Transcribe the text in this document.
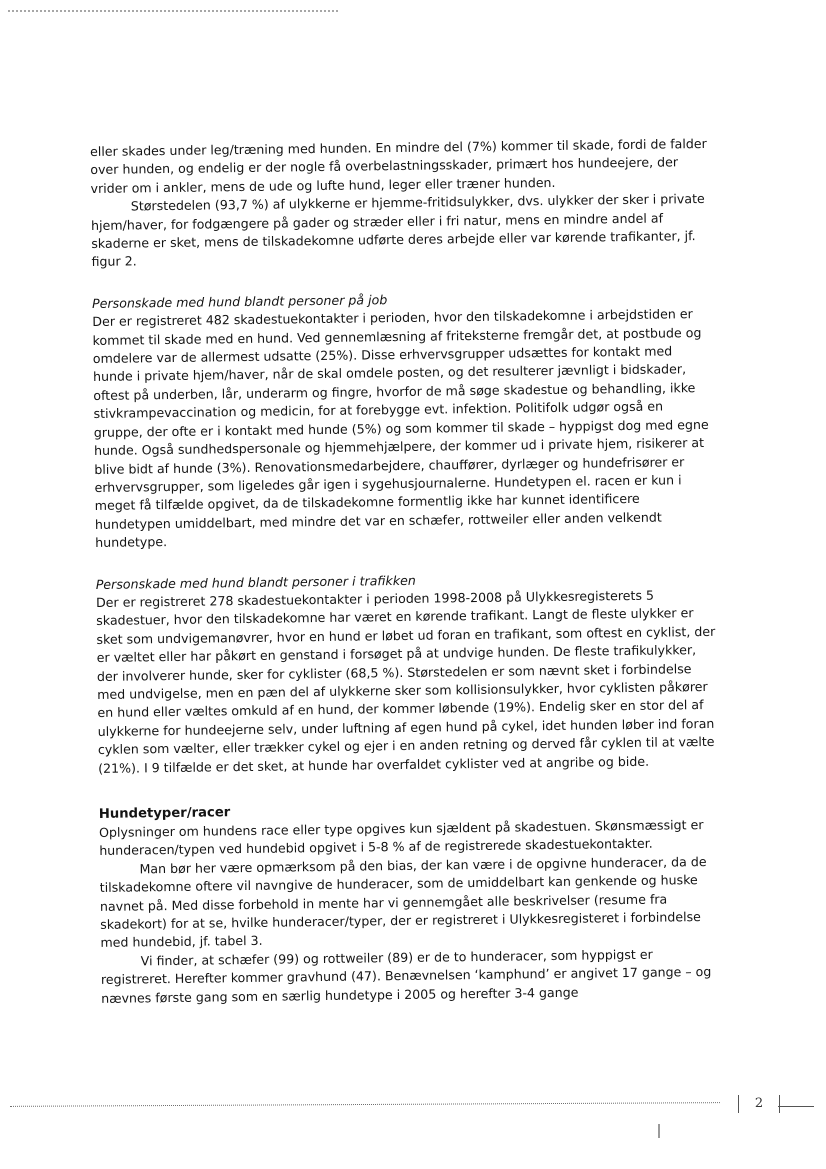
eller skades under leg/træning med hunden. En mindre del (7%) kommer til skade, fordi de falder over hunden, og endelig er der nogle få overbelastningsskader, primært hos hundeejere, der vrider om i ankler, mens de ude og lufte hund, leger eller træner hunden.

Størstedelen (93,7 %) af ulykkerne er hjemme-fritidsulykker, dvs. ulykker der sker i private hjem/haver, for fodgængere på gader og stræder eller i fri natur, mens en mindre andel af skaderne er sket, mens de tilskadekomne udførte deres arbejde eller var kørende trafikanter, jf. figur 2.

Personskade med hund blandt personer på job

Der er registreret 482 skadestuekontakter i perioden, hvor den tilskadekomne i arbejdstiden er kommet til skade med en hund. Ved gennemlæsning af friteksterne fremgår det, at postbude og omdelere var de allermest udsatte (25%). Disse erhvervsgrupper udsættes for kontakt med hunde i private hjem/haver, når de skal omdele posten, og det resulterer jævnligt i bidskader, oftest på underben, lår, underarm og fingre, hvorfor de må søge skadestue og behandling, ikke stivkrampevaccination og medicin, for at forebygge evt. infektion. Politifolk udgør også en gruppe, der ofte er i kontakt med hunde (5%) og som kommer til skade – hyppigst dog med egne hunde. Også sundhedspersonale og hjemmehjælpere, der kommer ud i private hjem, risikerer at blive bidt af hunde (3%). Renovationsmedarbejdere, chauffører, dyrlæger og hundefrisører er erhvervsgrupper, som ligeledes går igen i sygehusjournalerne. Hundetypen el. racen er kun i meget få tilfælde opgivet, da de tilskadekomne formentlig ikke har kunnet identificere hundetypen umiddelbart, med mindre det var en schæfer, rottweiler eller anden velkendt hundetype.

Personskade med hund blandt personer i trafikken

Der er registreret 278 skadestuekontakter i perioden 1998-2008 på Ulykkesregisterets 5 skadestuer, hvor den tilskadekomne har været en kørende trafikant. Langt de fleste ulykker er sket som undvigemanøvrer, hvor en hund er løbet ud foran en trafikant, som oftest en cyklist, der er væltet eller har påkørt en genstand i forsøget på at undvige hunden. De fleste trafikulykker, der involverer hunde, sker for cyklister (68,5 %). Størstedelen er som nævnt sket i forbindelse med undvigelse, men en pæn del af ulykkerne sker som kollisionsulykker, hvor cyklisten påkører en hund eller væltes omkuld af en hund, der kommer løbende (19%). Endelig sker en stor del af ulykkerne for hundeejerne selv, under luftning af egen hund på cykel, idet hunden løber ind foran cyklen som vælter, eller trækker cykel og ejer i en anden retning og derved får cyklen til at vælte (21%). I 9 tilfælde er det sket, at hunde har overfaldet cyklister ved at angribe og bide.

Hundetyper/racer

Oplysninger om hundens race eller type opgives kun sjældent på skadestuen. Skønsmæssigt er hunderacen/typen ved hundebid opgivet i 5-8 % af de registrerede skadestuekontakter.

Man bør her være opmærksom på den bias, der kan være i de opgivne hunderacer, da de tilskadekomne oftere vil navngive de hunderacer, som de umiddelbart kan genkende og huske navnet på. Med disse forbehold in mente har vi gennemgået alle beskrivelser (resume fra skadekort) for at se, hvilke hunderacer/typer, der er registreret i Ulykkesregisteret i forbindelse med hundebid, jf. tabel 3.

Vi finder, at schæfer (99) og rottweiler (89) er de to hunderacer, som hyppigst er registreret. Herefter kommer gravhund (47). Benævnelsen ‘kamphund’ er angivet 17 gange – og nævnes første gang som en særlig hundetype i 2005 og herefter 3-4 gange

2
